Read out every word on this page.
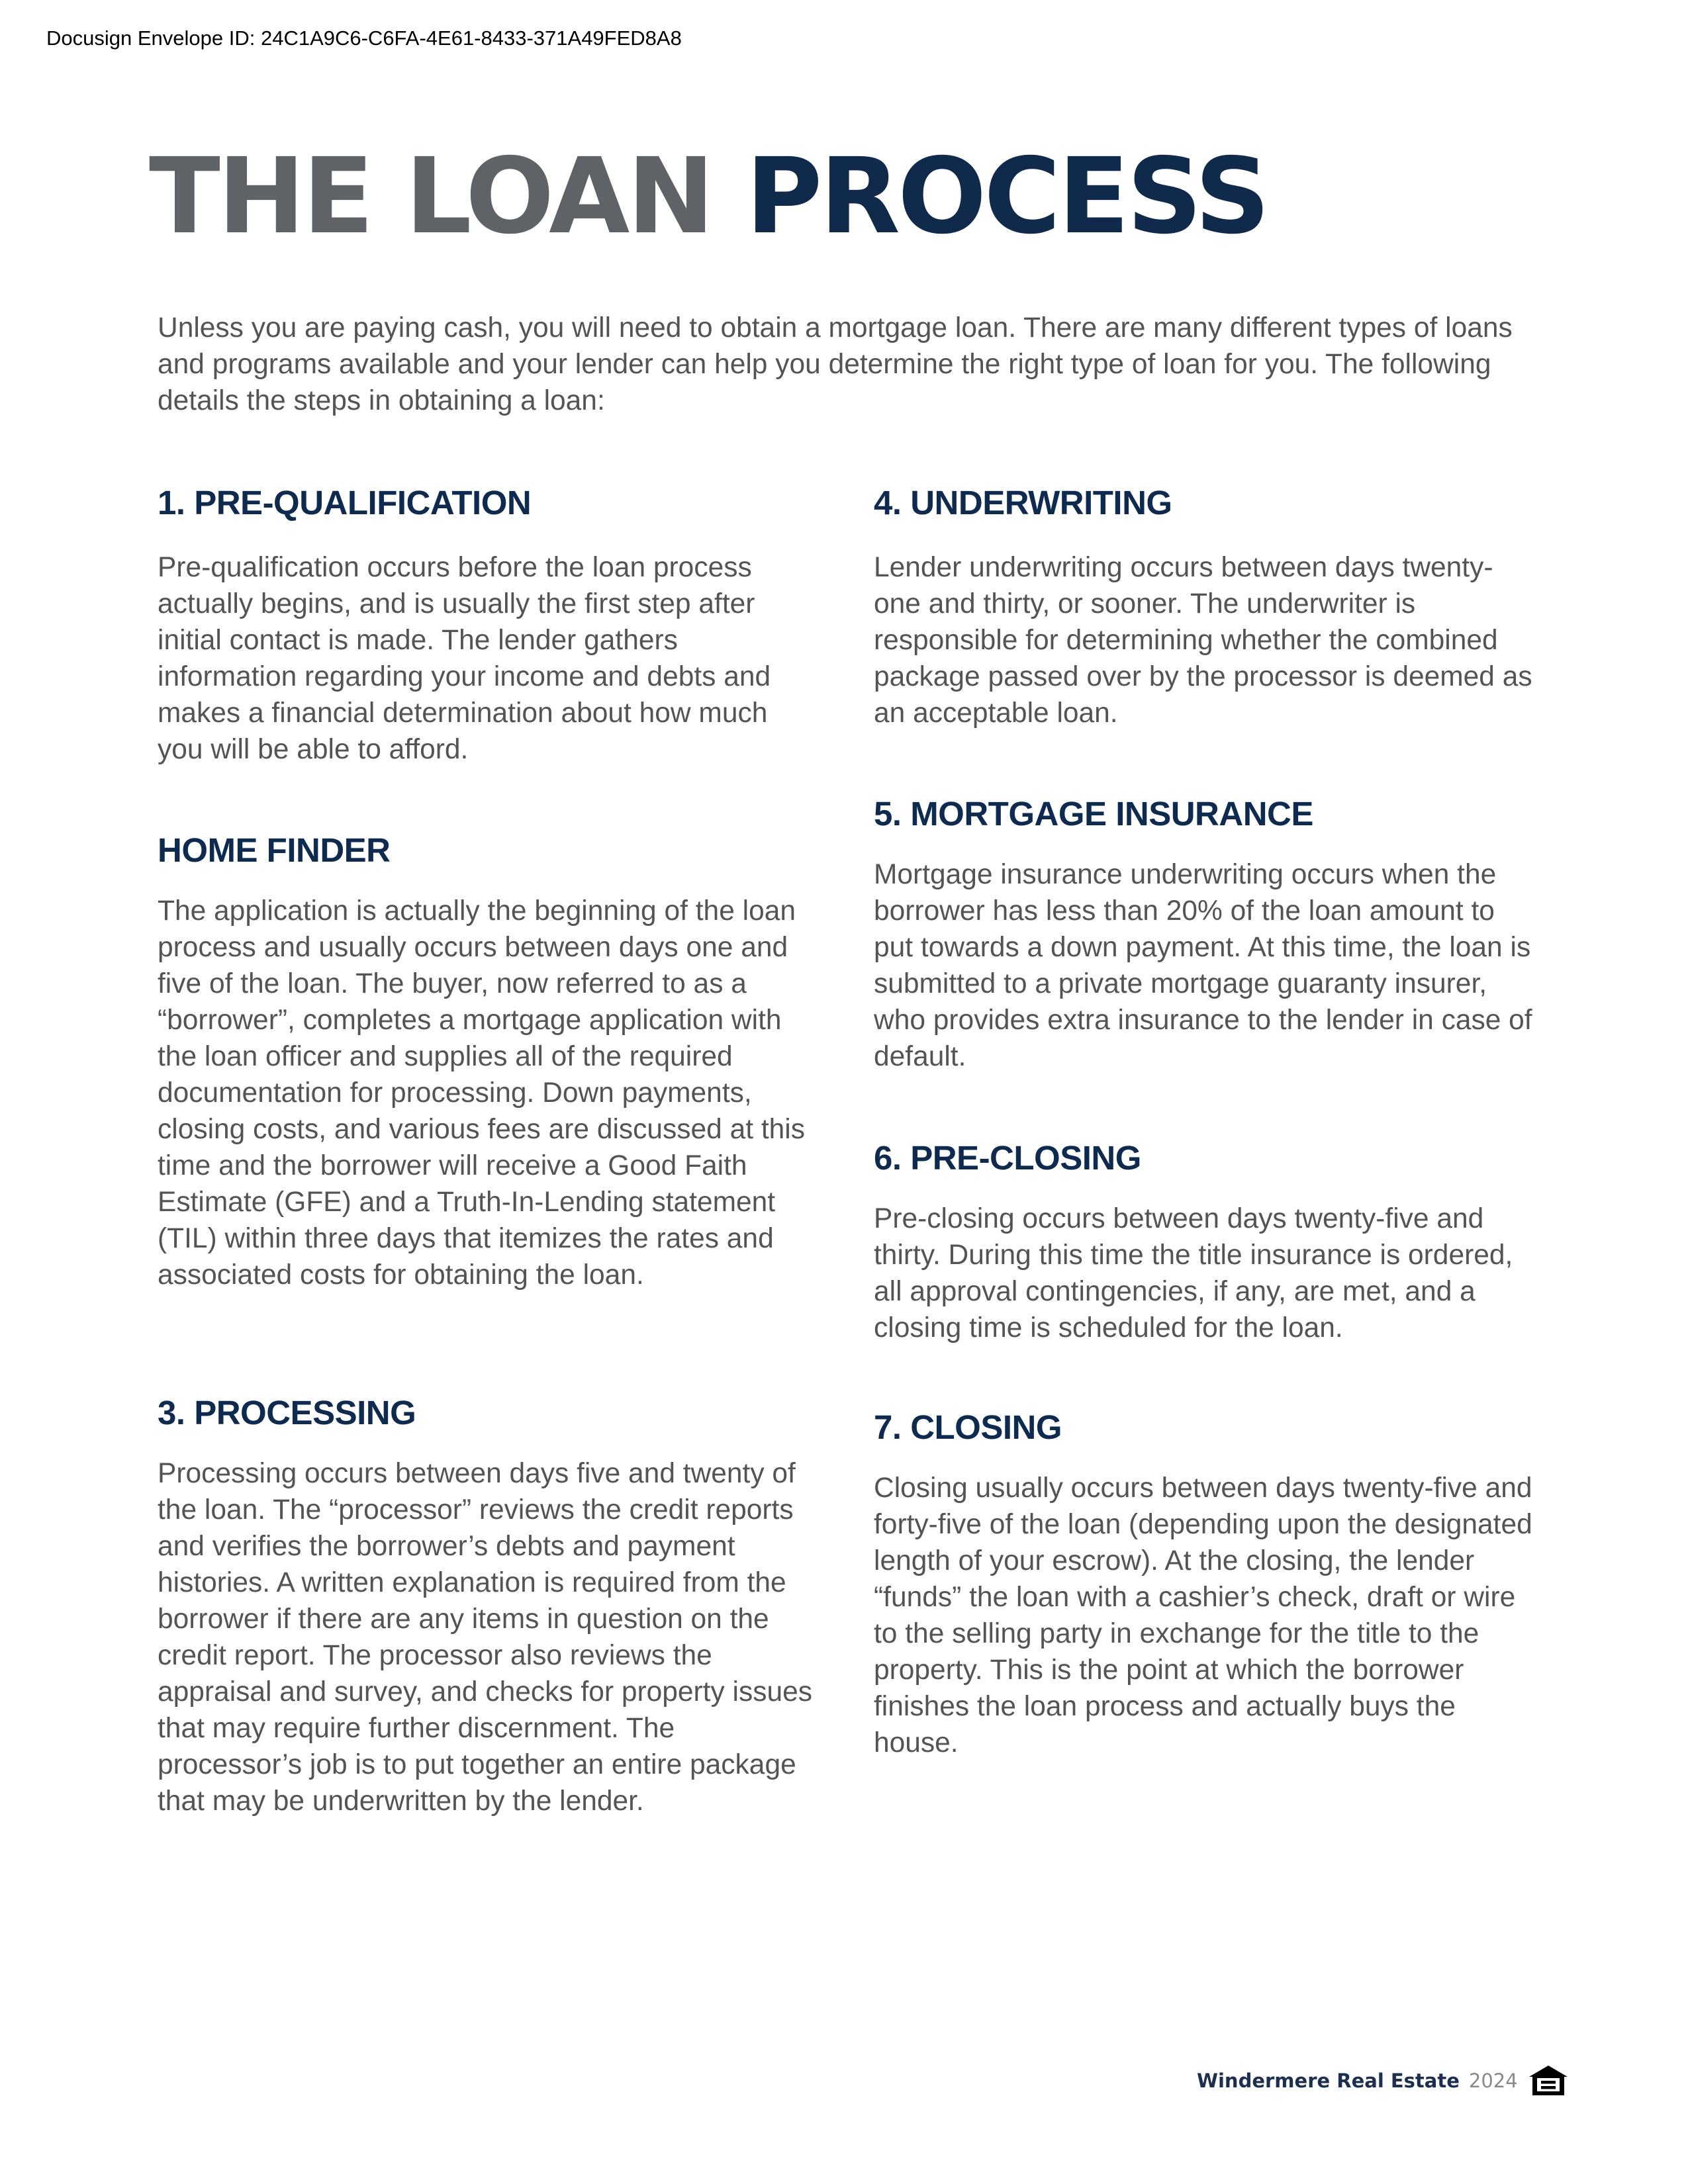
Docusign Envelope ID: 24C1A9C6-C6FA-4E61-8433-371A49FED8A8
THE LOAN PROCESS

Unless you are paying cash, you will need to obtain a mortgage loan. There are many different types of loans and programs available and your lender can help you determine the right type of loan for you. The following details the steps in obtaining a loan:

1. PRE-QUALIFICATION

Pre-qualification occurs before the loan process actually begins, and is usually the first step after initial contact is made. The lender gathers information regarding your income and debts and makes a financial determination about how much you will be able to afford.

HOME FINDER

The application is actually the beginning of the loan process and usually occurs between days one and five of the loan. The buyer, now referred to as a “borrower”, completes a mortgage application with the loan officer and supplies all of the required documentation for processing. Down payments, closing costs, and various fees are discussed at this time and the borrower will receive a Good Faith Estimate (GFE) and a Truth-In-Lending statement (TIL) within three days that itemizes the rates and associated costs for obtaining the loan.

3. PROCESSING

Processing occurs between days five and twenty of the loan. The “processor” reviews the credit reports and verifies the borrower’s debts and payment histories. A written explanation is required from the borrower if there are any items in question on the credit report. The processor also reviews the appraisal and survey, and checks for property issues that may require further discernment. The processor’s job is to put together an entire package that may be underwritten by the lender.

4. UNDERWRITING

Lender underwriting occurs between days twenty-one and thirty, or sooner. The underwriter is responsible for determining whether the combined package passed over by the processor is deemed as an acceptable loan.

5. MORTGAGE INSURANCE

Mortgage insurance underwriting occurs when the borrower has less than 20% of the loan amount to put towards a down payment. At this time, the loan is submitted to a private mortgage guaranty insurer, who provides extra insurance to the lender in case of default.

6. PRE-CLOSING

Pre-closing occurs between days twenty-five and thirty. During this time the title insurance is ordered, all approval contingencies, if any, are met, and a closing time is scheduled for the loan.

7. CLOSING

Closing usually occurs between days twenty-five and forty-five of the loan (depending upon the designated length of your escrow). At the closing, the lender “funds” the loan with a cashier’s check, draft or wire to the selling party in exchange for the title to the property. This is the point at which the borrower finishes the loan process and actually buys the house.

Windermere Real Estate 2024
